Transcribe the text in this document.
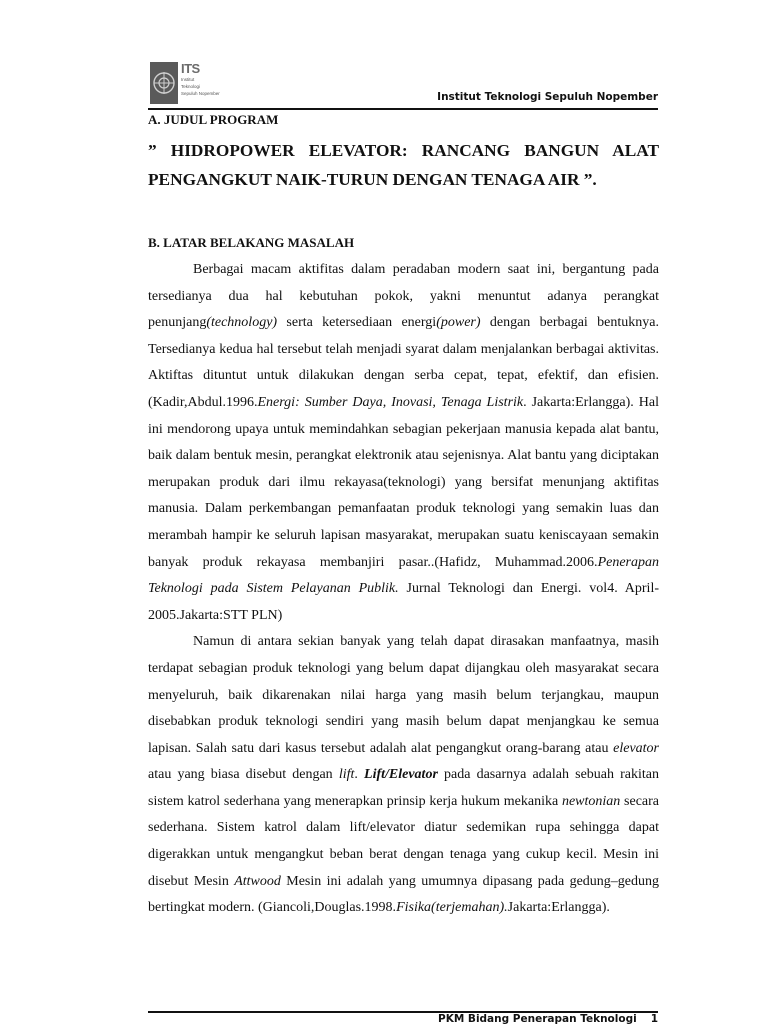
ITS
Institut
Teknologi
Sepuluh Nopember	Institut Teknologi Sepuluh Nopember
A. JUDUL PROGRAM
” HIDROPOWER ELEVATOR: RANCANG BANGUN ALAT
PENGANGKUT NAIK-TURUN DENGAN TENAGA AIR ”.
B. LATAR BELAKANG MASALAH

Berbagai macam aktifitas dalam peradaban modern saat ini, bergantung pada tersedianya dua hal kebutuhan pokok, yakni menuntut adanya perangkat penunjang(technology) serta ketersediaan energi(power) dengan berbagai bentuknya. Tersedianya kedua hal tersebut telah menjadi syarat dalam menjalankan berbagai aktivitas. Aktiftas dituntut untuk dilakukan dengan serba cepat, tepat, efektif, dan efisien. (Kadir,Abdul.1996.Energi: Sumber Daya, Inovasi, Tenaga Listrik. Jakarta:Erlangga). Hal ini mendorong upaya untuk memindahkan sebagian pekerjaan manusia kepada alat bantu, baik dalam bentuk mesin, perangkat elektronik atau sejenisnya. Alat bantu yang diciptakan merupakan produk dari ilmu rekayasa(teknologi) yang bersifat menunjang aktifitas manusia. Dalam perkembangan pemanfaatan produk teknologi yang semakin luas dan merambah hampir ke seluruh lapisan masyarakat, merupakan suatu keniscayaan semakin banyak produk rekayasa membanjiri pasar..(Hafidz, Muhammad.2006.Penerapan Teknologi pada Sistem Pelayanan Publik. Jurnal Teknologi dan Energi. vol4. April-2005.Jakarta:STT PLN)

Namun di antara sekian banyak yang telah dapat dirasakan manfaatnya, masih terdapat sebagian produk teknologi yang belum dapat dijangkau oleh masyarakat secara menyeluruh, baik dikarenakan nilai harga yang masih belum terjangkau, maupun disebabkan produk teknologi sendiri yang masih belum dapat menjangkau ke semua lapisan. Salah satu dari kasus tersebut adalah alat pengangkut orang-barang atau elevator atau yang biasa disebut dengan lift. Lift/Elevator pada dasarnya adalah sebuah rakitan sistem katrol sederhana yang menerapkan prinsip kerja hukum mekanika newtonian secara sederhana. Sistem katrol dalam lift/elevator diatur sedemikan rupa sehingga dapat digerakkan untuk mengangkut beban berat dengan tenaga yang cukup kecil. Mesin ini disebut Mesin Attwood Mesin ini adalah yang umumnya dipasang pada gedung–gedung bertingkat modern. (Giancoli,Douglas.1998.Fisika(terjemahan).Jakarta:Erlangga).

PKM Bidang Penerapan Teknologi 1
